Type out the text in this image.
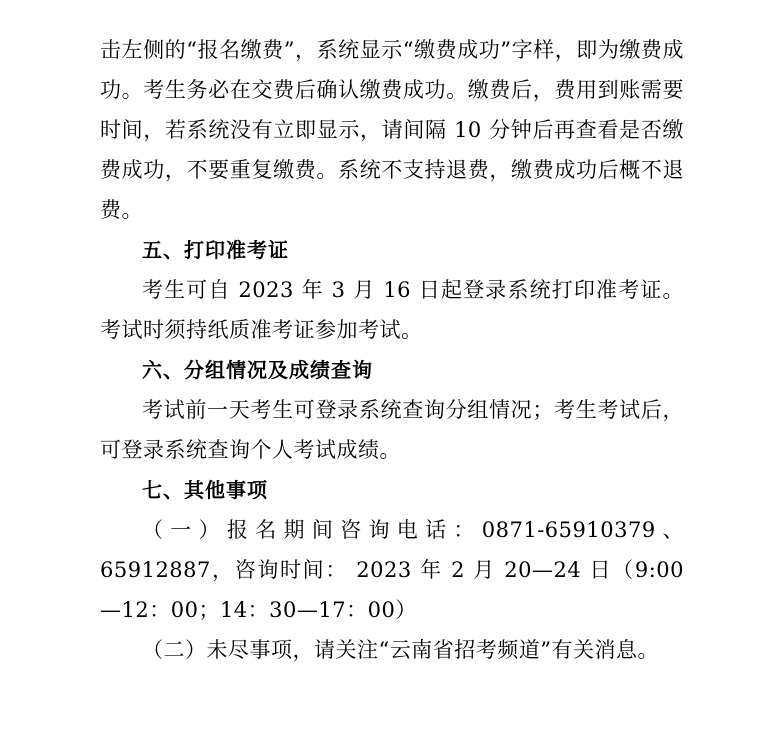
击左侧的“报名缴费”，系统显示“缴费成功”字样，即为缴费成功。考生务必在交费后确认缴费成功。缴费后，费用到账需要时间，若系统没有立即显示，请间隔 10 分钟后再查看是否缴费成功，不要重复缴费。系统不支持退费，缴费成功后概不退费。

五、打印准考证

考生可自 2023 年 3 月 16 日起登录系统打印准考证。考试时须持纸质准考证参加考试。

六、分组情况及成绩查询

考试前一天考生可登录系统查询分组情况；考生考试后，可登录系统查询个人考试成绩。

七、其他事项

（一）报名期间咨询电话：0871-65910379、65912887，咨询时间： 2023 年 2 月 20—24 日（9:00—12：00；14：30—17：00）

（二）未尽事项，请关注“云南省招考频道”有关消息。
